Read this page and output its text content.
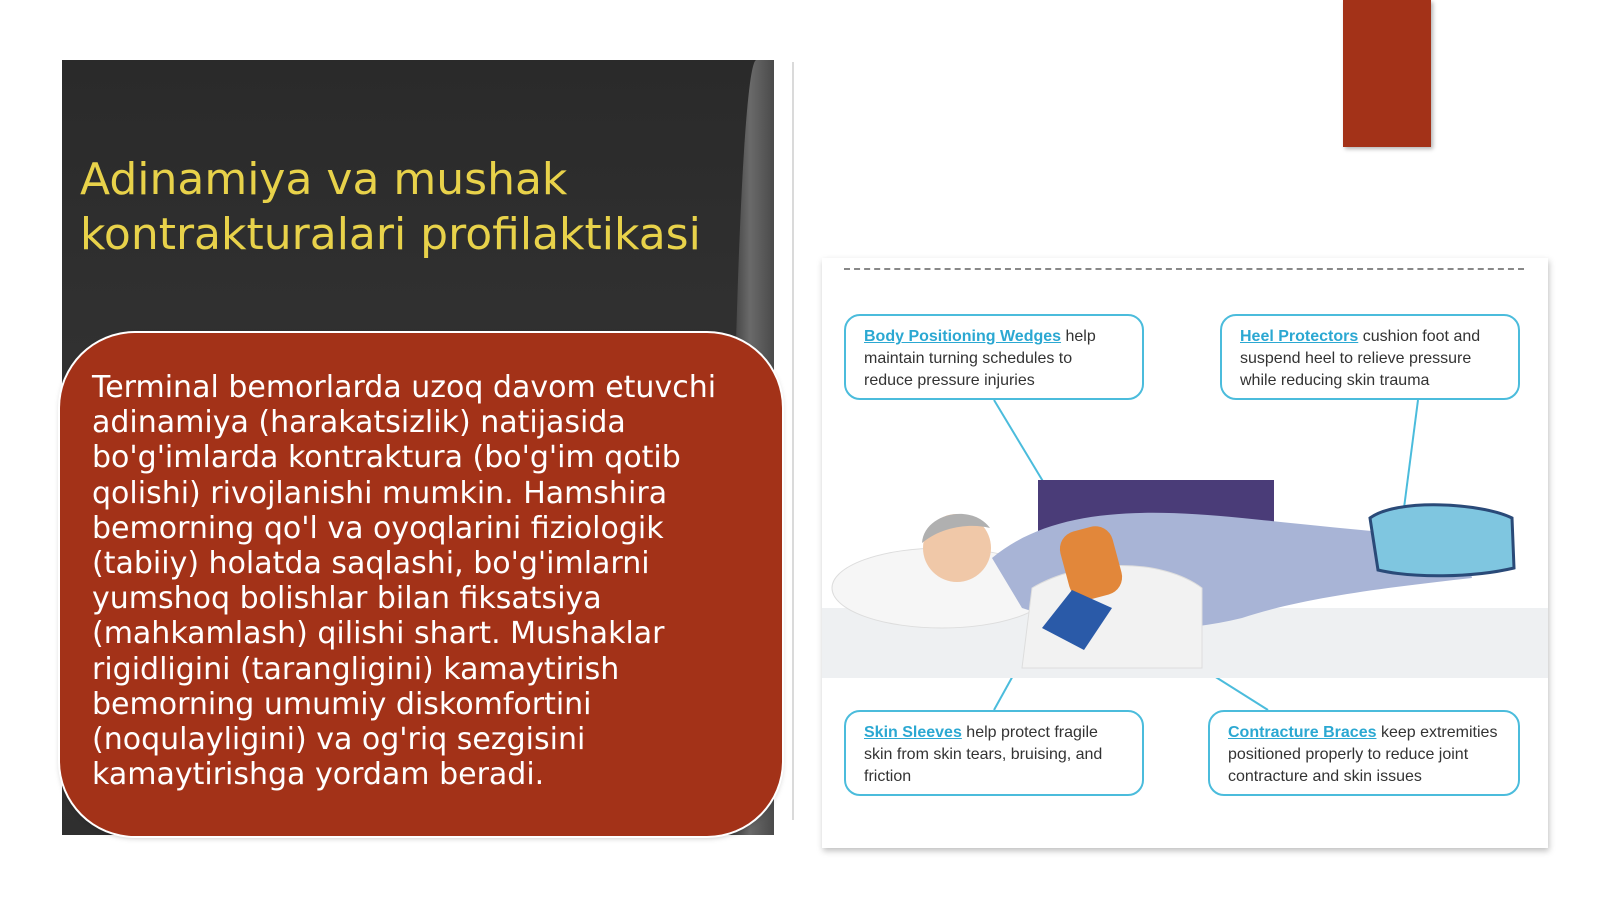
Adinamiya va mushak kontrakturalari profilaktikasi

Terminal bemorlarda uzoq davom etuvchi adinamiya (harakatsizlik) natijasida bo'g'imlarda kontraktura (bo'g'im qotib qolishi) rivojlanishi mumkin. Hamshira bemorning qo'l va oyoqlarini fiziologik (tabiiy) holatda saqlashi, bo'g'imlarni yumshoq bolishlar bilan fiksatsiya (mahkamlash) qilishi shart. Mushaklar rigidligini (tarangligini) kamaytirish bemorning umumiy diskomfortini (noqulayligini) va og'riq sezgisini kamaytirishga yordam beradi.

Body Positioning Wedges help maintain turning schedules to reduce pressure injuries
Heel Protectors cushion foot and suspend heel to relieve pressure while reducing skin trauma
Skin Sleeves help protect fragile skin from skin tears, bruising, and friction
Contracture Braces keep extremities positioned properly to reduce joint contracture and skin issues
